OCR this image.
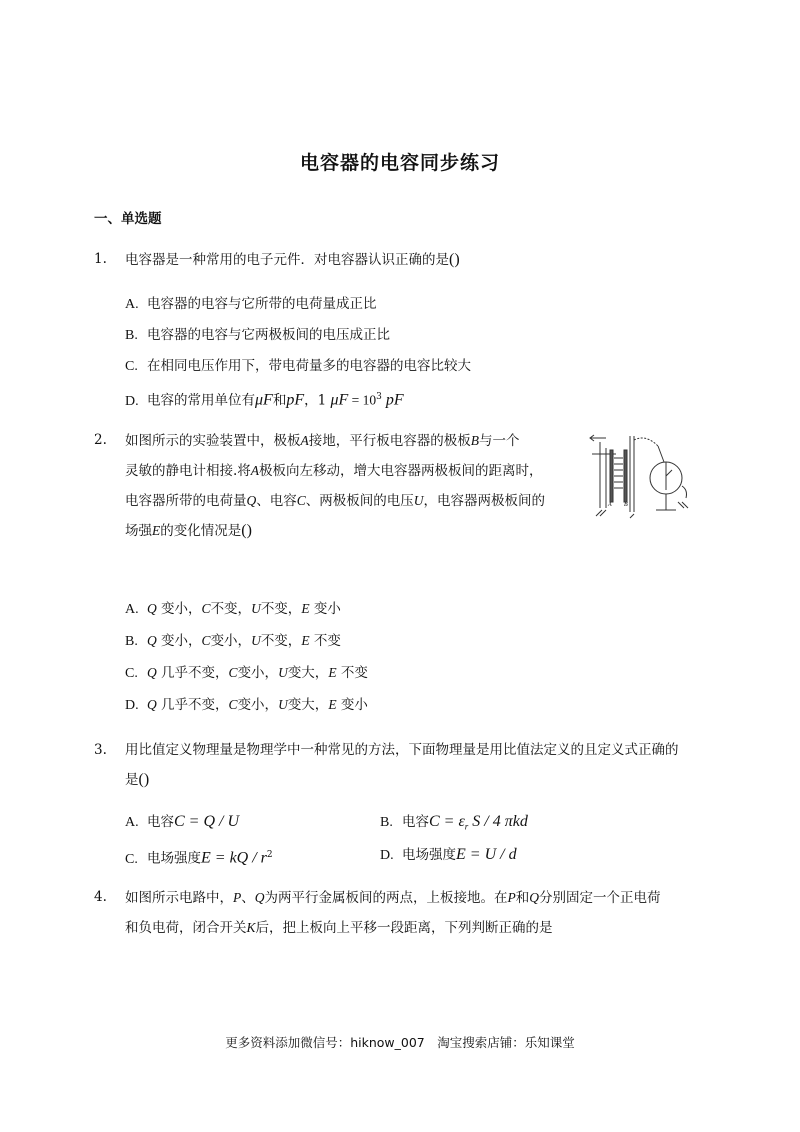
电容器的电容同步练习
一、单选题
1.	电容器是一种常用的电子元件．对电容器认识正确的是()
A. 电容器的电容与它所带的电荷量成正比
B. 电容器的电容与它两极板间的电压成正比
C. 在相同电压作用下，带电荷量多的电容器的电容比较大
D. 电容的常用单位有μF和pF，1 $\mu F = 10^3$ pF
2.	如图所示的实验装置中，极板A接地，平行板电容器的极板B与一个
灵敏的静电计相接.将A极板向左移动，增大电容器两极板间的距离时，
电容器所带的电荷量Q、电容C、两极板间的电压U，电容器两极板间的
场强E的变化情况是()
A B
A. Q 变小，C不变，U不变，E 变小
B. Q 变小，C变小，U不变，E 不变
C. Q 几乎不变，C变小，U变大，E 不变
D. Q 几乎不变，C变小，U变大，E 变小
3.	用比值定义物理量是物理学中一种常见的方法，下面物理量是用比值法定义的且定义式正确的
是()
A. 电容C = Q / U	B. 电容$C = \varepsilon_r$ S / 4 πkd
C. 电场强度E = kQ / $r^2$	D. 电场强度E = U / d
4.	如图所示电路中，P、Q为两平行金属板间的两点，上板接地。在P和Q分别固定一个正电荷
和负电荷，闭合开关K后，把上板向上平移一段距离，下列判断正确的是
更多资料添加微信号：hiknow_007　淘宝搜索店铺：乐知课堂
